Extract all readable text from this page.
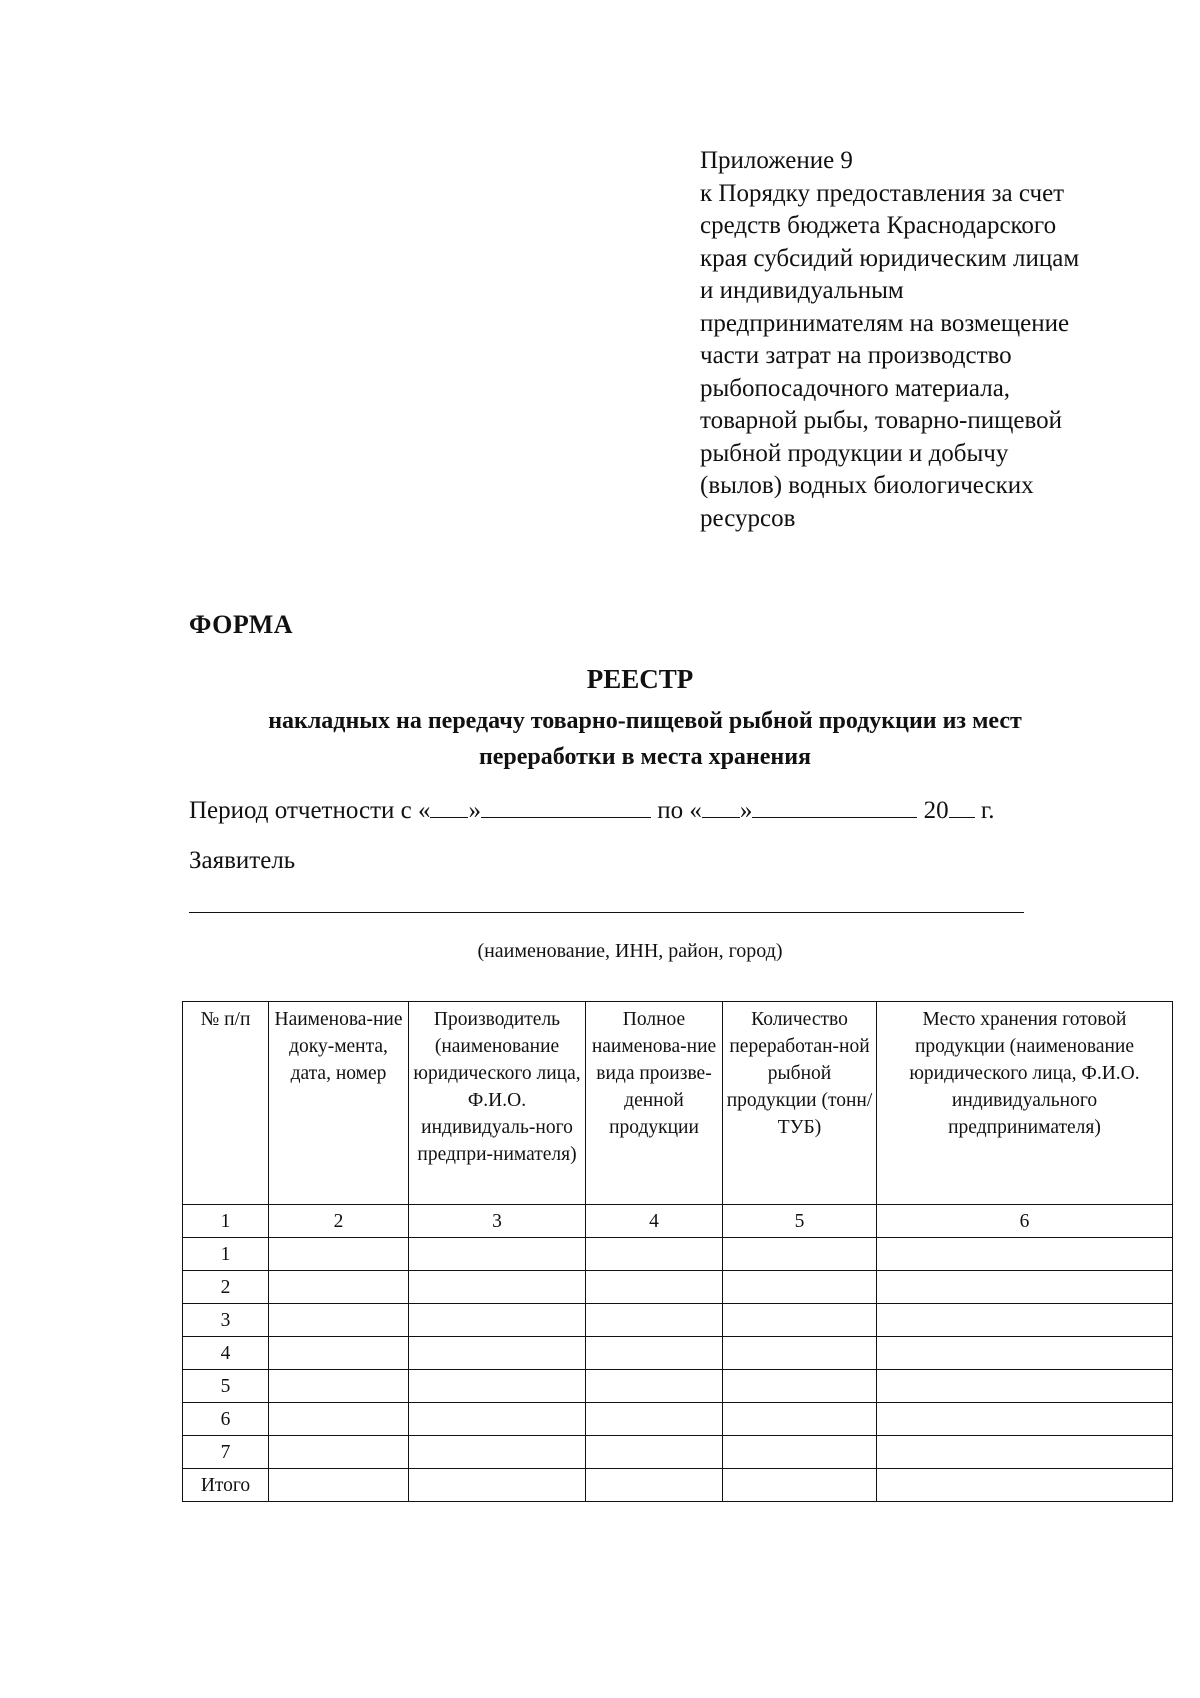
Приложение 9
к Порядку предоставления за счет
средств бюджета Краснодарского
края субсидий юридическим лицам
и индивидуальным
предпринимателям на возмещение
части затрат на производство
рыбопосадочного материала,
товарной рыбы, товарно-пищевой
рыбной продукции и добычу
(вылов) водных биологических
ресурсов
ФОРМА
РЕЕСТР
накладных на передачу товарно-пищевой рыбной продукции из мест
переработки в места хранения
Период отчетности с « »	по « »	20 г.
Заявитель
(наименование, ИНН, район, город)
№ п/п	Наименова-ние доку-мента, дата, номер	Производитель (наименование юридического лица, Ф.И.О. индивидуаль-ного предпри-нимателя)	Полное наименова-ние вида произве-денной продукции	Количество переработан-ной рыбной продукции (тонн/ТУБ)	Место хранения готовой продукции (наименование юридического лица, Ф.И.О. индивидуального предпринимателя)
1	2	3	4	5	6
1					
2					
3					
4					
5					
6					
7					
Итого					
